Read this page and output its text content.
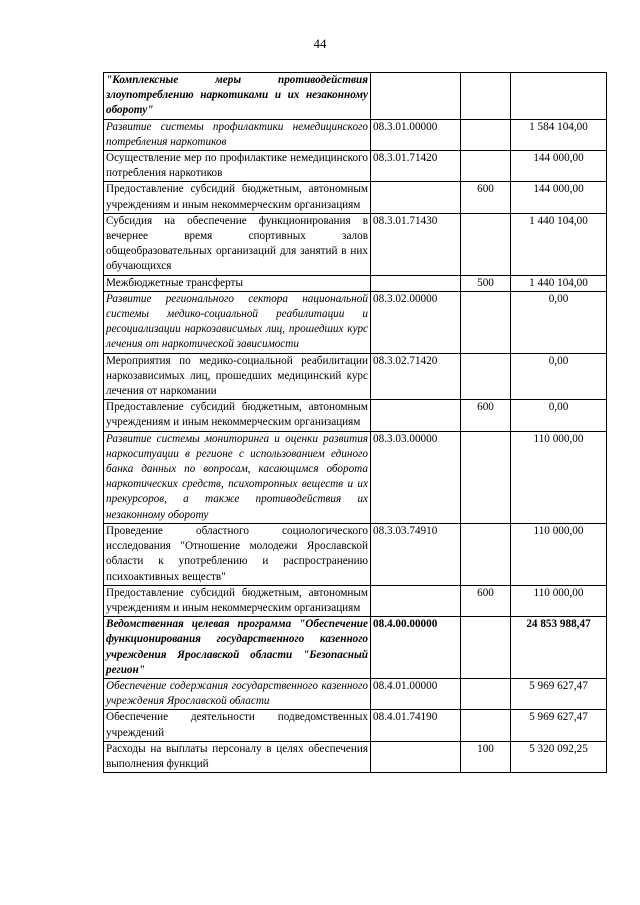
44
"Комплексные меры противодействия злоупотреблению наркотиками и их незаконному обороту"			
Развитие системы профилактики немедицинского потребления наркотиков	08.3.01.00000		1 584 104,00
Осуществление мер по профилактике немедицинского потребления наркотиков	08.3.01.71420		144 000,00
Предоставление субсидий бюджетным, автономным учреждениям и иным некоммерческим организациям		600	144 000,00
Субсидия на обеспечение функционирования в вечернее время спортивных залов общеобразовательных организаций для занятий в них обучающихся	08.3.01.71430		1 440 104,00
Межбюджетные трансферты		500	1 440 104,00
Развитие регионального сектора национальной системы медико-социальной реабилитации и ресоциализации наркозависимых лиц, прошедших курс лечения от наркотической зависимости	08.3.02.00000		0,00
Мероприятия по медико-социальной реабилитации наркозависимых лиц, прошедших медицинский курс лечения от наркомании	08.3.02.71420		0,00
Предоставление субсидий бюджетным, автономным учреждениям и иным некоммерческим организациям		600	0,00
Развитие системы мониторинга и оценки развития наркоситуации в регионе с использованием единого банка данных по вопросам, касающимся оборота наркотических средств, психотропных веществ и их прекурсоров, а также противодействия их незаконному обороту	08.3.03.00000		110 000,00
Проведение областного социологического исследования "Отношение молодежи Ярославской области к употреблению и распространению психоактивных веществ"	08.3.03.74910		110 000,00
Предоставление субсидий бюджетным, автономным учреждениям и иным некоммерческим организациям		600	110 000,00
Ведомственная целевая программа "Обеспечение функционирования государственного казенного учреждения Ярославской области "Безопасный регион"	08.4.00.00000		24 853 988,47
Обеспечение содержания государственного казенного учреждения Ярославской области	08.4.01.00000		5 969 627,47
Обеспечение деятельности подведомственных учреждений	08.4.01.74190		5 969 627,47
Расходы на выплаты персоналу в целях обеспечения выполнения функций		100	5 320 092,25
